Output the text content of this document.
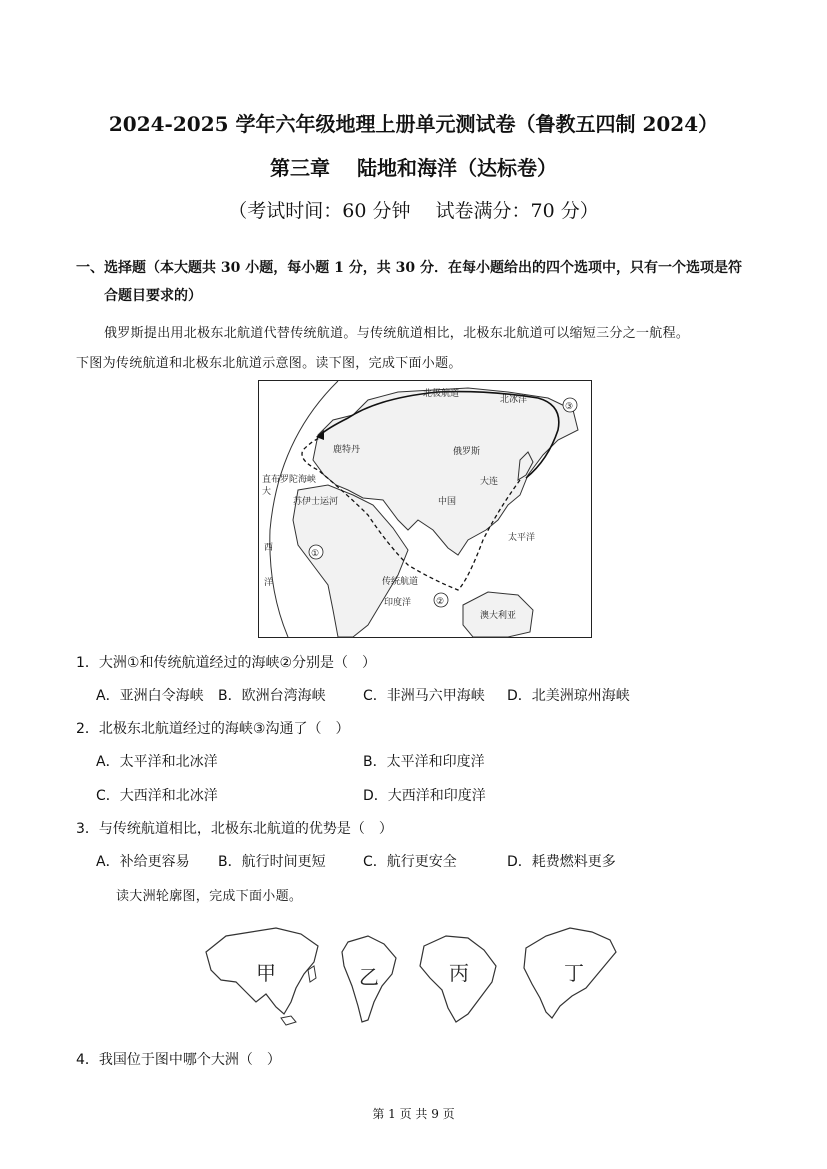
2024-2025 学年六年级地理上册单元测试卷（鲁教五四制 2024）
第三章　 陆地和海洋（达标卷）
（考试时间：60 分钟　 试卷满分：70 分）
一、选择题（本大题共 30 小题，每小题 1 分，共 30 分．在每小题给出的四个选项中，只有一个选项是符
合题目要求的）
俄罗斯提出用北极东北航道代替传统航道。与传统航道相比，北极东北航道可以缩短三分之一航程。
下图为传统航道和北极东北航道示意图。读下图，完成下面小题。
北极航道
北冰洋
③
鹿特丹	俄罗斯
直布罗陀海峡
大
苏伊士运河	中国
大连
太平洋
①
西
洋	传统航道
印度洋	②
澳大利亚
1．大洲①和传统航道经过的海峡②分别是（　）
A．亚洲白令海峡 B．欧洲台湾海峡	C．非洲马六甲海峡 D．北美洲琼州海峡
2．北极东北航道经过的海峡③沟通了（　）
A．太平洋和北冰洋	B．太平洋和印度洋
C．大西洋和北冰洋	D．大西洋和印度洋
3．与传统航道相比，北极东北航道的优势是（　）
A．补给更容易 B．航行时间更短	C．航行更安全	D．耗费燃料更多
读大洲轮廓图，完成下面小题。
甲	乙	丙	丁
4．我国位于图中哪个大洲（　）
第 1 页 共 9 页
